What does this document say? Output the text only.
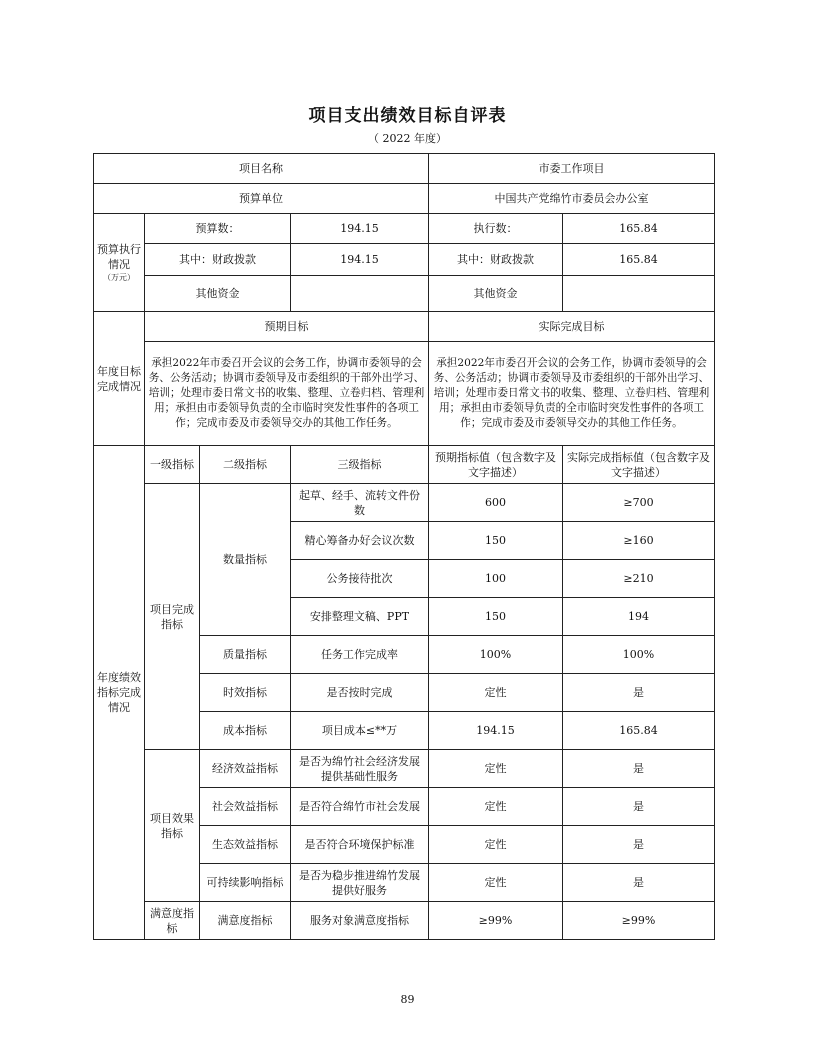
项目支出绩效目标自评表
（ 2022 年度）
项目名称				市委工作项目	
预算单位				中国共产党绵竹市委员会办公室	

预算执行情况
（万元）	预算数：		194.15	执行数：	165.84
	其中：财政拨款		194.15	其中：财政拨款	165.84
	其他资金			其他资金	
年度目标完成情况	预期目标			实际完成目标	
	承担2022年市委召开会议的会务工作，协调市委领导的会务、公务活动；协调市委领导及市委组织的干部外出学习、培训；处理市委日常文书的收集、整理、立卷归档、管理利用；承担由市委领导负责的全市临时突发性事件的各项工作；完成市委及市委领导交办的其他工作任务。			承担2022年市委召开会议的会务工作，协调市委领导的会务、公务活动；协调市委领导及市委组织的干部外出学习、培训；处理市委日常文书的收集、整理、立卷归档、管理利用；承担由市委领导负责的全市临时突发性事件的各项工作；完成市委及市委领导交办的其他工作任务。	
年度绩效指标完成情况	一级指标	二级指标	三级指标	预期指标值（包含数字及文字描述）	实际完成指标值（包含数字及文字描述）
	项目完成指标	数量指标	起草、经手、流转文件份数	600	≥700
			精心筹备办好会议次数	150	≥160
			公务接待批次	100	≥210
			安排整理文稿、PPT	150	194
		质量指标	任务工作完成率	100%	100%
		时效指标	是否按时完成	定性	是
		成本指标	项目成本≤**万	194.15	165.84
	项目效果指标	经济效益指标	是否为绵竹社会经济发展提供基础性服务	定性	是
		社会效益指标	是否符合绵竹市社会发展	定性	是
		生态效益指标	是否符合环境保护标准	定性	是
		可持续影响指标	是否为稳步推进绵竹发展提供好服务	定性	是
	满意度指标	满意度指标	服务对象满意度指标	≥99%	≥99%
89
